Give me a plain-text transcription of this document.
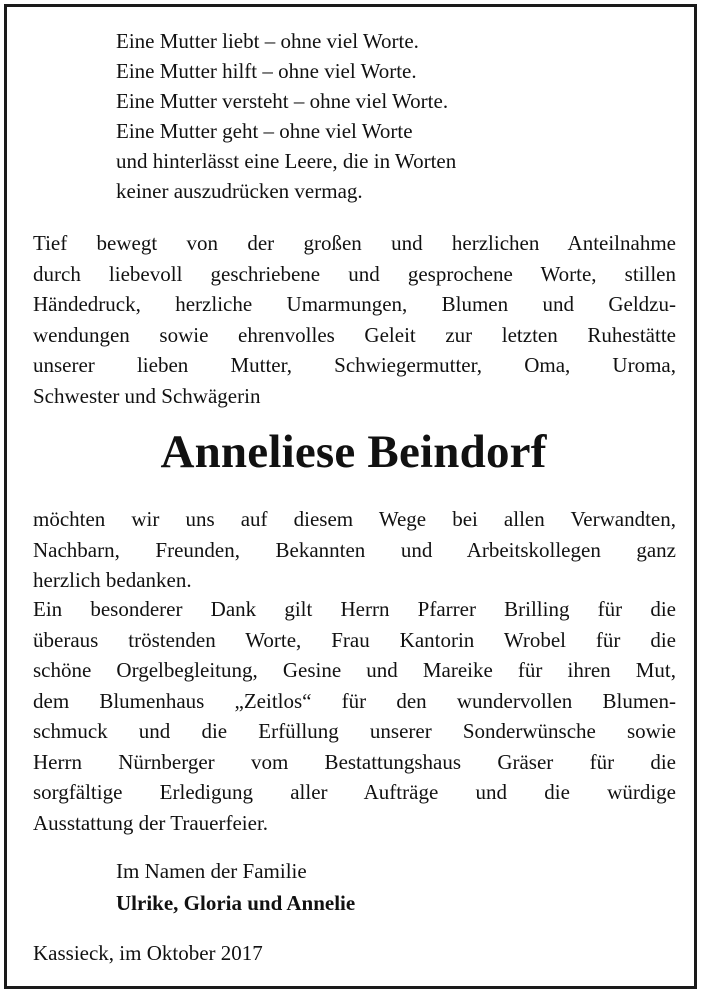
Eine Mutter liebt – ohne viel Worte.
Eine Mutter hilft – ohne viel Worte.
Eine Mutter versteht – ohne viel Worte.
Eine Mutter geht – ohne viel Worte
und hinterlässt eine Leere, die in Worten
keiner auszudrücken vermag.
Tief bewegt von der großen und herzlichen Anteilnahme
durch liebevoll geschriebene und gesprochene Worte, stillen
Händedruck, herzliche Umarmungen, Blumen und Geldzu-
wendungen sowie ehrenvolles Geleit zur letzten Ruhestätte
unserer lieben Mutter, Schwiegermutter, Oma, Uroma,
Schwester und Schwägerin
Anneliese Beindorf
möchten wir uns auf diesem Wege bei allen Verwandten,
Nachbarn, Freunden, Bekannten und Arbeitskollegen ganz
herzlich bedanken.
Ein besonderer Dank gilt Herrn Pfarrer Brilling für die
überaus tröstenden Worte, Frau Kantorin Wrobel für die
schöne Orgelbegleitung, Gesine und Mareike für ihren Mut,
dem Blumenhaus „Zeitlos“ für den wundervollen Blumen-
schmuck und die Erfüllung unserer Sonderwünsche sowie
Herrn Nürnberger vom Bestattungshaus Gräser für die
sorgfältige Erledigung aller Aufträge und die würdige
Ausstattung der Trauerfeier.
Im Namen der Familie
Ulrike, Gloria und Annelie
Kassieck, im Oktober 2017
